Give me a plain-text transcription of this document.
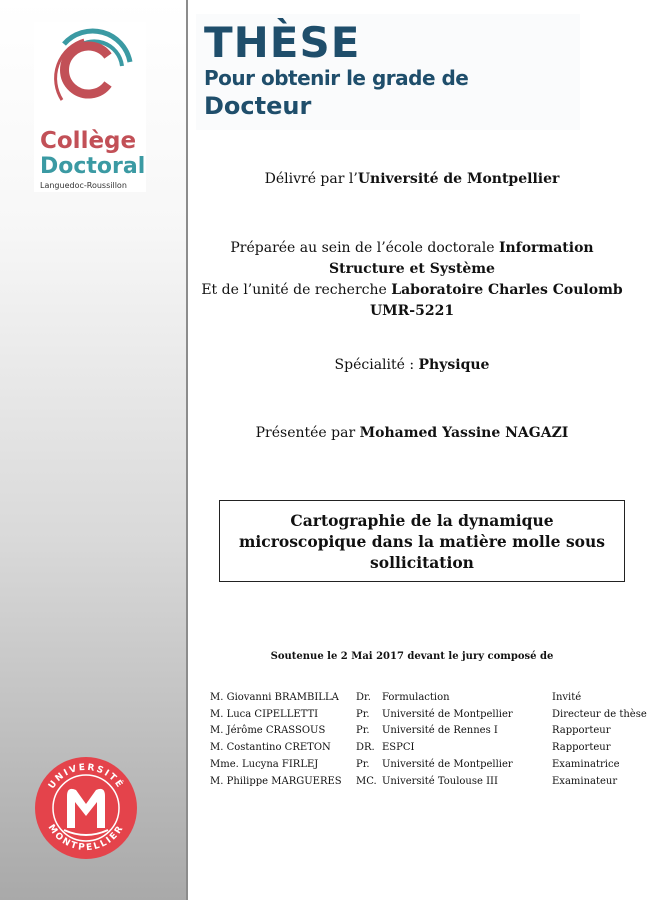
Collège
Doctoral
Languedoc-Roussillon
UNIVERSITÉ
MONTPELLIER
THÈSE
Pour obtenir le grade de
Docteur
Délivré par l’Université de Montpellier
Préparée au sein de l’école doctorale Information
Structure et Système
Et de l’unité de recherche Laboratoire Charles Coulomb
UMR-5221
Spécialité : Physique
Présentée par Mohamed Yassine NAGAZI
Cartographie de la dynamique
microscopique dans la matière molle sous
sollicitation
Soutenue le 2 Mai 2017 devant le jury composé de
M. Giovanni BRAMBILLA	Dr.	Formulaction	Invité
M. Luca CIPELLETTI	Pr.	Université de Montpellier	Directeur de thèse
M. Jérôme CRASSOUS	Pr.	Université de Rennes I	Rapporteur
M. Costantino CRETON	DR.	ESPCI	Rapporteur
Mme. Lucyna FIRLEJ	Pr.	Université de Montpellier	Examinatrice
M. Philippe MARGUERES	MC.	Université Toulouse III	Examinateur
